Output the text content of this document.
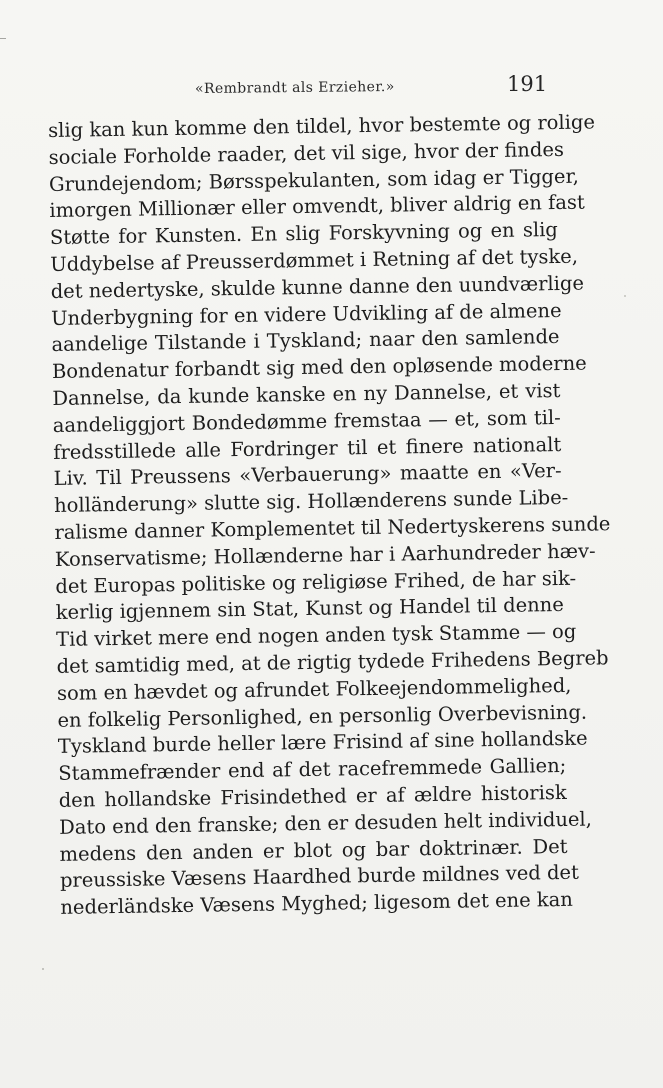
«Rembrandt als Erzieher.»	191
slig kan kun komme den tildel, hvor bestemte og rolige
sociale Forholde raader, det vil sige, hvor der findes
Grundejendom; Børsspekulanten, som idag er Tigger,
imorgen Millionær eller omvendt, bliver aldrig en fast
Støtte for Kunsten. En slig Forskyvning og en slig
Uddybelse af Preusserdømmet i Retning af det tyske,
det nedertyske, skulde kunne danne den uundværlige
Underbygning for en videre Udvikling af de almene
aandelige Tilstande i Tyskland; naar den samlende
Bondenatur forbandt sig med den opløsende moderne
Dannelse, da kunde kanske en ny Dannelse, et vist
aandeliggjort Bondedømme fremstaa — et, som til-
fredsstillede alle Fordringer til et finere nationalt
Liv. Til Preussens «Verbauerung» maatte en «Ver-
holländerung» slutte sig. Hollænderens sunde Libe-
ralisme danner Komplementet til Nedertyskerens sunde
Konservatisme; Hollænderne har i Aarhundreder hæv-
det Europas politiske og religiøse Frihed, de har sik-
kerlig igjennem sin Stat, Kunst og Handel til denne
Tid virket mere end nogen anden tysk Stamme — og
det samtidig med, at de rigtig tydede Frihedens Begreb
som en hævdet og afrundet Folkeejendommelighed,
en folkelig Personlighed, en personlig Overbevisning.
Tyskland burde heller lære Frisind af sine hollandske
Stammefrænder end af det racefremmede Gallien;
den hollandske Frisindethed er af ældre historisk
Dato end den franske; den er desuden helt individuel,
medens den anden er blot og bar doktrinær. Det
preussiske Væsens Haardhed burde mildnes ved det
nederländske Væsens Myghed; ligesom det ene kan
